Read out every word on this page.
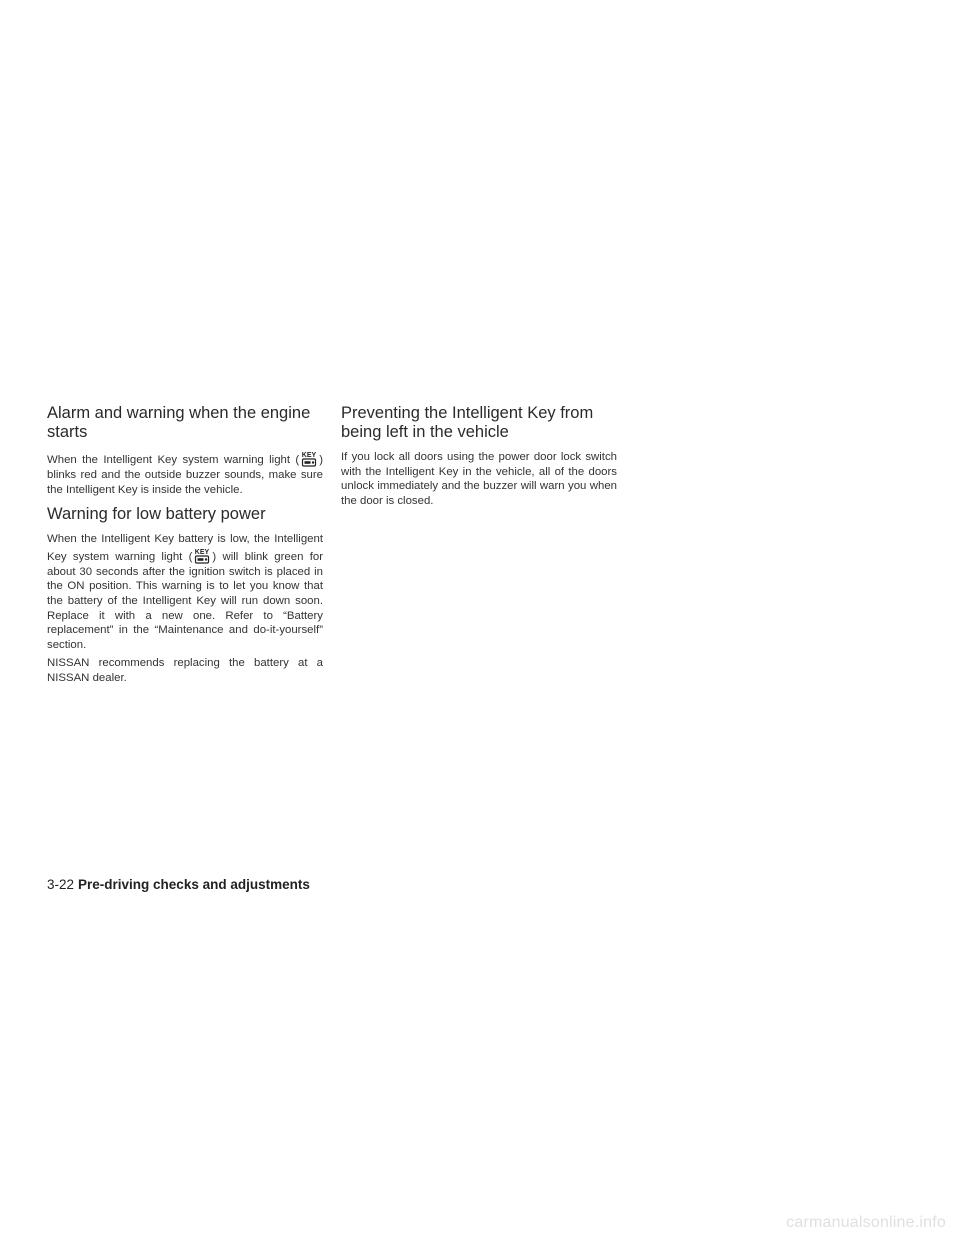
Alarm and warning when the engine starts

When the Intelligent Key system warning light ( KEY ) blinks red and the outside buzzer sounds, make sure the Intelligent Key is inside the vehicle.

Warning for low battery power

When the Intelligent Key battery is low, the Intelligent Key system warning light ( KEY ) will blink green for about 30 seconds after the ignition switch is placed in the ON position. This warning is to let you know that the battery of the Intelligent Key will run down soon. Replace it with a new one. Refer to “Battery replacement” in the “Maintenance and do-it-yourself” section.

NISSAN recommends replacing the battery at a NISSAN dealer.

Preventing the Intelligent Key from being left in the vehicle

If you lock all doors using the power door lock switch with the Intelligent Key in the vehicle, all of the doors unlock immediately and the buzzer will warn you when the door is closed.

3-22 Pre-driving checks and adjustments
carmanualsonline.info
